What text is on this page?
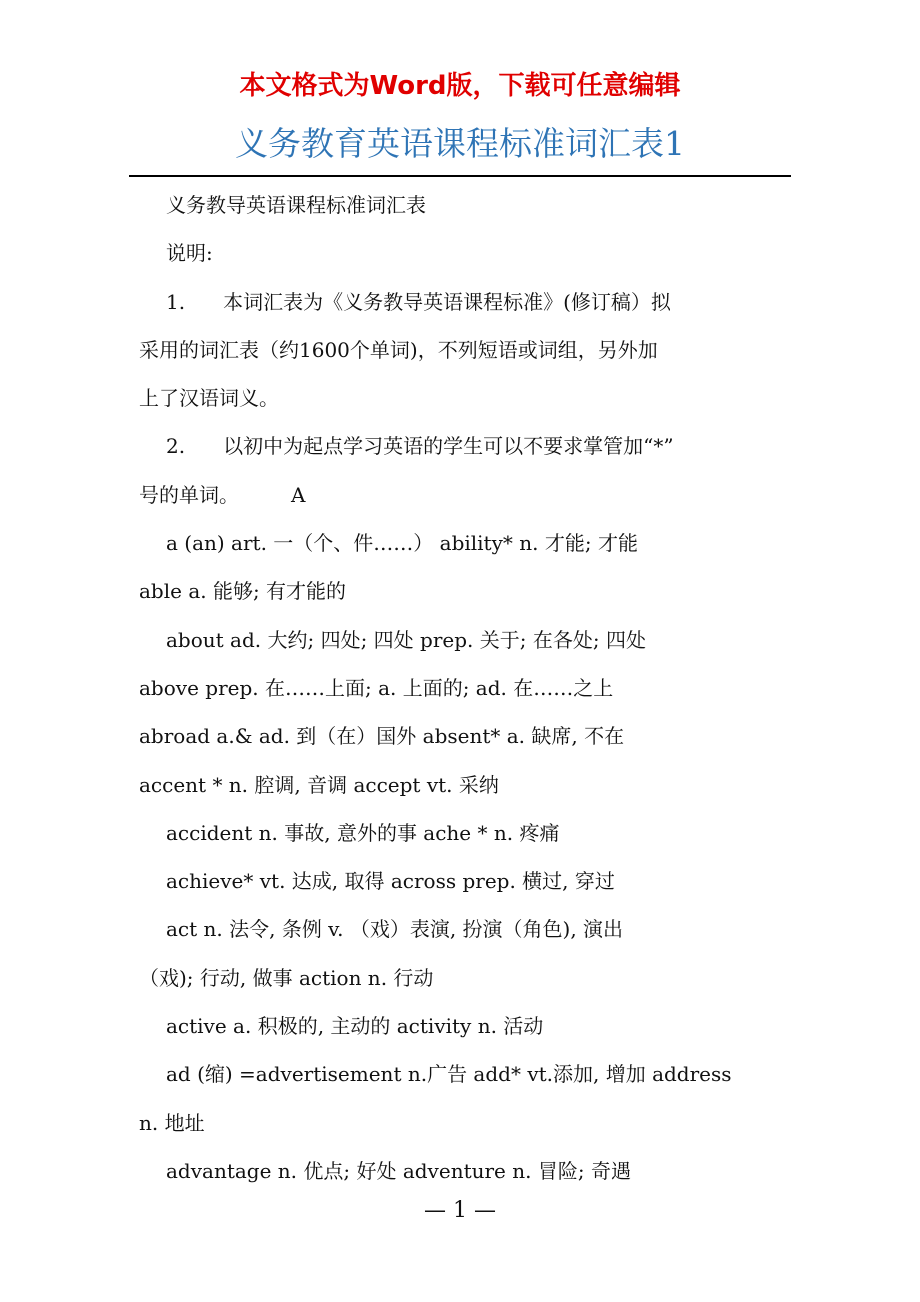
本文格式为Word版，下载可任意编辑
义务教育英语课程标准词汇表1

义务教导英语课程标准词汇表

说明:

1. 本词汇表为《义务教导英语课程标准》(修订稿）拟

采用的词汇表（约1600个单词)，不列短语或词组，另外加

上了汉语词义。

2. 以初中为起点学习英语的学生可以不要求掌管加“*”

号的单词。	A

a (an) art. 一（个、件……） ability* n. 才能; 才能

able a. 能够; 有才能的

about ad. 大约; 四处; 四处 prep. 关于; 在各处; 四处

above prep. 在……上面; a. 上面的; ad. 在……之上

abroad a.& ad. 到（在）国外 absent* a. 缺席, 不在

accent * n. 腔调, 音调 accept vt. 采纳

accident n. 事故, 意外的事 ache * n. 疼痛

achieve* vt. 达成, 取得 across prep. 横过, 穿过

act n. 法令, 条例 v. （戏）表演, 扮演（角色), 演出

（戏); 行动, 做事 action n. 行动

active a. 积极的, 主动的 activity n. 活动

ad (缩) =advertisement n.广告 add* vt.添加, 增加 address

n. 地址

advantage n. 优点; 好处 adventure n. 冒险; 奇遇

— 1 —
